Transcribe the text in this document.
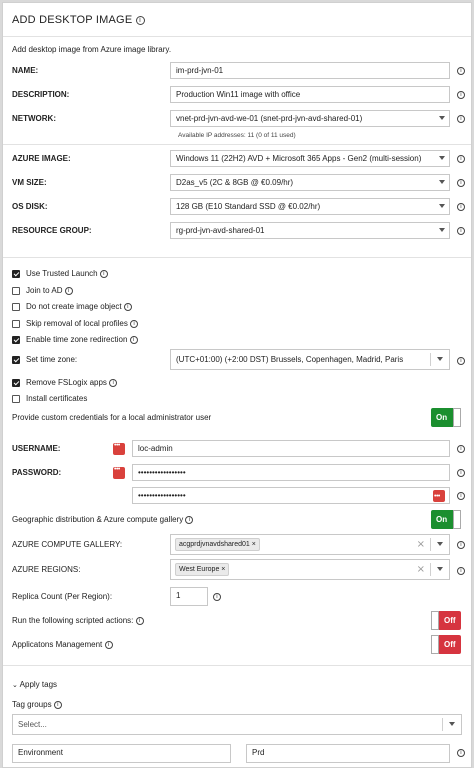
ADD DESKTOP IMAGE i
Add desktop image from Azure image library.
NAME:	im-prd-jvn-01	i
DESCRIPTION:	Production Win11 image with office	i
NETWORK:	vnet-prd-jvn-avd-we-01 (snet-prd-jvn-avd-shared-01)	i
Available IP addresses: 11 (0 of 11 used)
AZURE IMAGE:	Windows 11 (22H2) AVD + Microsoft 365 Apps - Gen2 (multi-session)	i
VM SIZE:	D2as_v5 (2C & 8GB @ €0.09/hr)	i
OS DISK:	128 GB (E10 Standard SSD @ €0.02/hr)	i
RESOURCE GROUP:	rg-prd-jvn-avd-shared-01	i
Use Trusted Launch i
Join to AD i
Do not create image object i
Skip removal of local profiles i
Enable time zone redirection i
Set time zone:	(UTC+01:00) (+2:00 DST) Brussels, Copenhagen, Madrid, Paris	i
Remove FSLogix apps i
Install certificates
Provide custom credentials for a local administrator user	On
USERNAME: •••	loc-admin	i
PASSWORD: •••	•••••••••••••••••	i
••••••••••••••••• •••	i
Geographic distribution & Azure compute gallery i	On
AZURE COMPUTE GALLERY:	acgprdjvnavdshared01 ×	×	i
AZURE REGIONS:	West Europe ×	×	i
Replica Count (Per Region):	1	i
Run the following scripted actions: i	Off
Applicatons Management i	Off
⌄ Apply tags
Tag groups i
Select...
Environment	Prd	i
